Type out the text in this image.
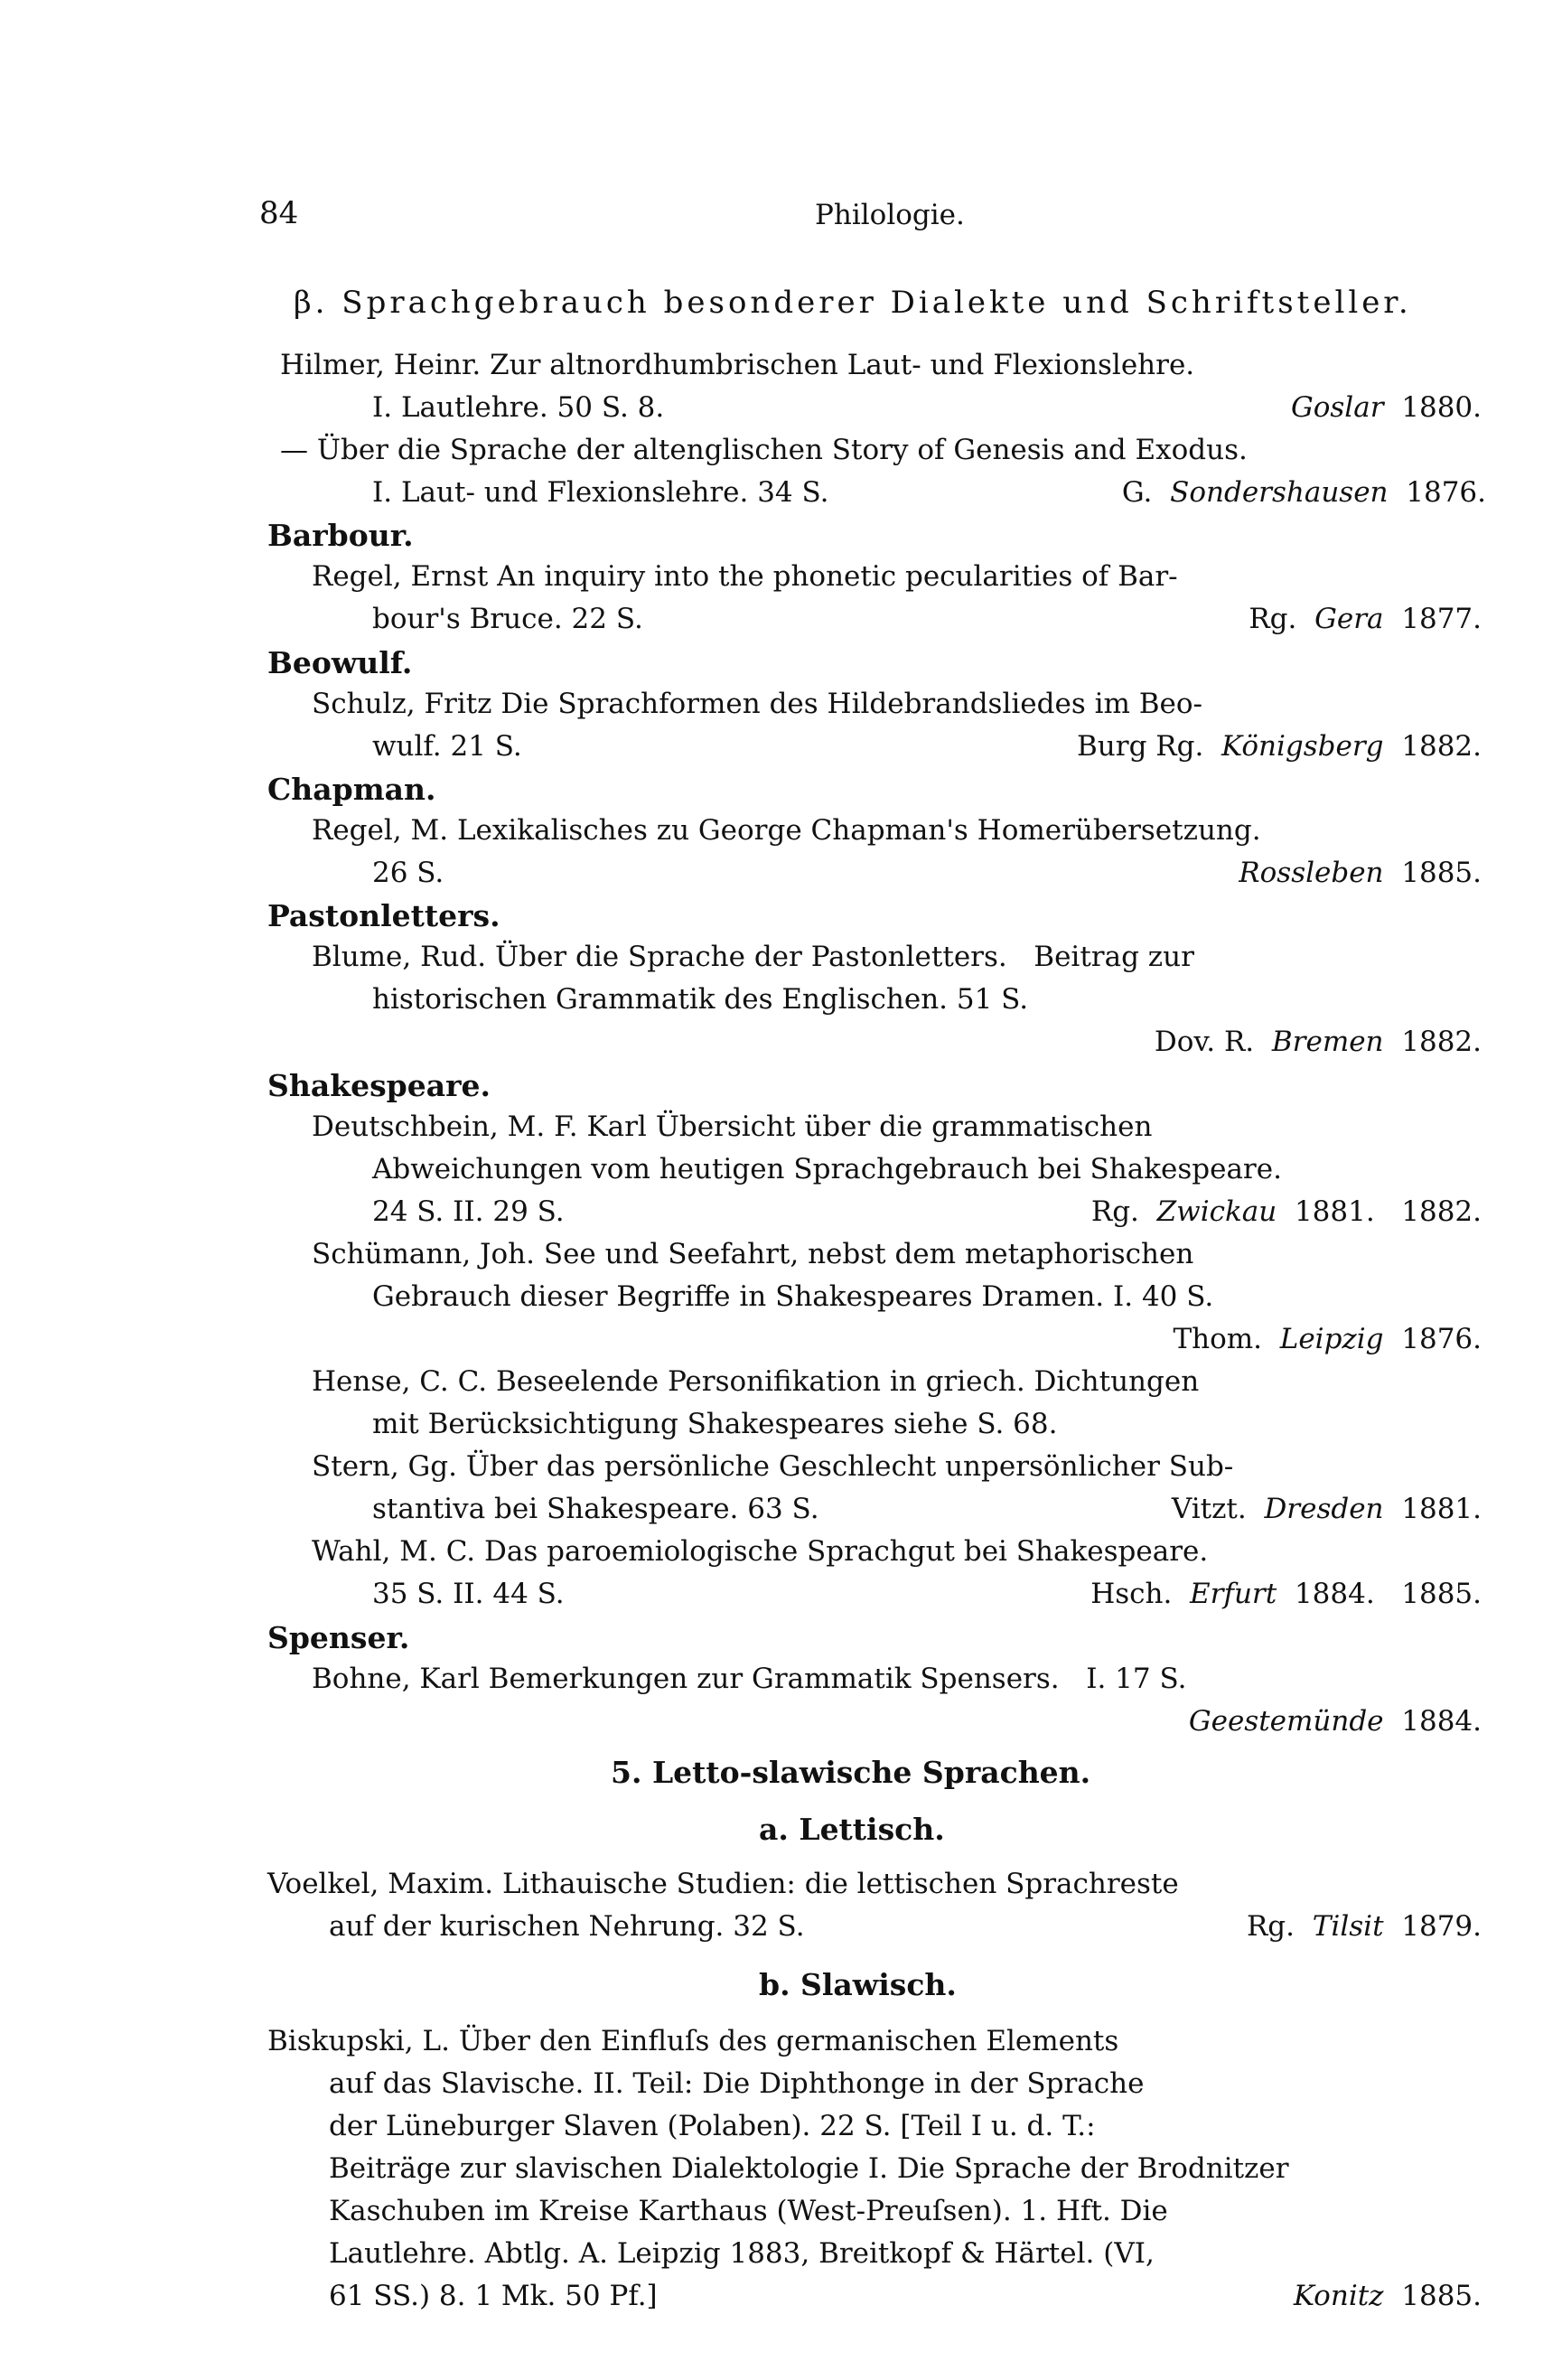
84	Philologie.
β. Sprachgebrauch besonderer Dialekte und Schriftsteller.
Hilmer, Heinr. Zur altnordhumbrischen Laut- und Flexionslehre.
I. Lautlehre. 50 S. 8.	Goslar 1880.
— Über die Sprache der altenglischen Story of Genesis and Exodus.
I. Laut- und Flexionslehre. 34 S.	G. Sondershausen 1876.
Barbour.
Regel, Ernst An inquiry into the phonetic pecularities of Bar-
bour's Bruce. 22 S.	Rg. Gera 1877.
Beowulf.
Schulz, Fritz Die Sprachformen des Hildebrandsliedes im Beo-
wulf. 21 S.	Burg Rg. Königsberg 1882.
Chapman.
Regel, M. Lexikalisches zu George Chapman's Homerübersetzung.
26 S.	Rossleben 1885.
Pastonletters.
Blume, Rud. Über die Sprache der Pastonletters.   Beitrag zur
historischen Grammatik des Englischen. 51 S.
Dov. R. Bremen 1882.
Shakespeare.
Deutschbein, M. F. Karl Übersicht über die grammatischen
Abweichungen vom heutigen Sprachgebrauch bei Shakespeare.
24 S. II. 29 S.	Rg. Zwickau 1881.   1882.
Schümann, Joh. See und Seefahrt, nebst dem metaphorischen
Gebrauch dieser Begriffe in Shakespeares Dramen. I. 40 S.
Thom. Leipzig 1876.
Hense, C. C. Beseelende Personifikation in griech. Dichtungen
mit Berücksichtigung Shakespeares siehe S. 68.
Stern, Gg. Über das persönliche Geschlecht unpersönlicher Sub-
stantiva bei Shakespeare. 63 S.	Vitzt. Dresden 1881.
Wahl, M. C. Das paroemiologische Sprachgut bei Shakespeare.
35 S. II. 44 S.	Hsch. Erfurt 1884.   1885.
Spenser.
Bohne, Karl Bemerkungen zur Grammatik Spensers.   I. 17 S.
Geestemünde 1884.
5. Letto-slawische Sprachen.
a. Lettisch.
Voelkel, Maxim. Lithauische Studien: die lettischen Sprachreste
auf der kurischen Nehrung. 32 S.	Rg. Tilsit 1879.
b. Slawisch.
Biskupski, L. Über den Einfluſs des germanischen Elements
auf das Slavische. II. Teil: Die Diphthonge in der Sprache
der Lüneburger Slaven (Polaben). 22 S. [Teil I u. d. T.:
Beiträge zur slavischen Dialektologie I. Die Sprache der Brodnitzer
Kaschuben im Kreise Karthaus (West-Preuſsen). 1. Hft. Die
Lautlehre. Abtlg. A. Leipzig 1883, Breitkopf & Härtel. (VI,
61 SS.) 8. 1 Mk. 50 Pf.]	Konitz 1885.
